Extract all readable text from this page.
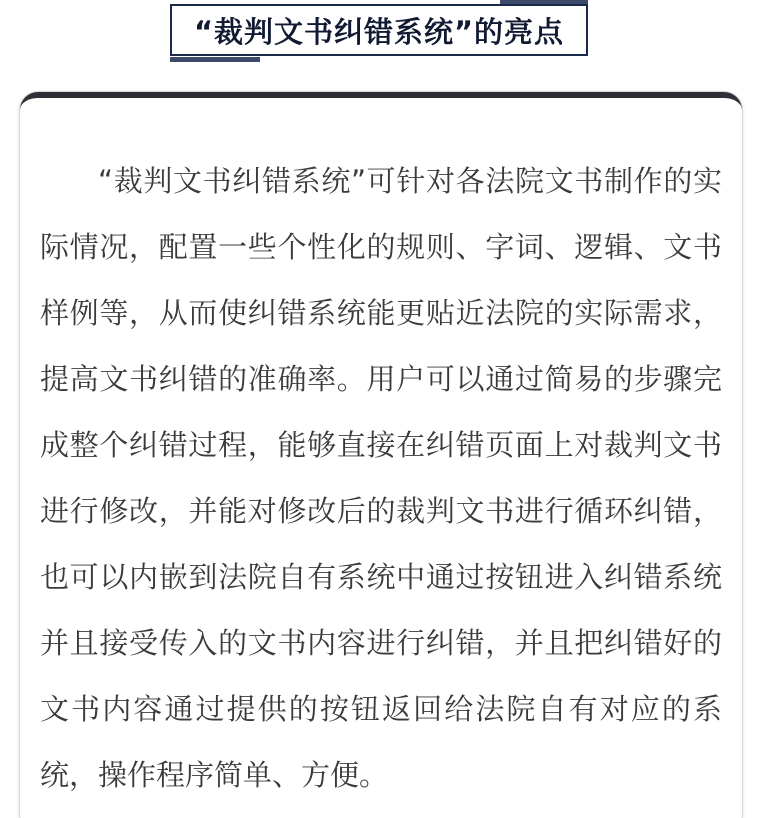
“裁判文书纠错系统”的亮点

“裁判文书纠错系统”可针对各法院文书制作的实际情况，配置一些个性化的规则、字词、逻辑、文书样例等，从而使纠错系统能更贴近法院的实际需求，提高文书纠错的准确率。用户可以通过简易的步骤完成整个纠错过程，能够直接在纠错页面上对裁判文书进行修改，并能对修改后的裁判文书进行循环纠错，也可以内嵌到法院自有系统中通过按钮进入纠错系统并且接受传入的文书内容进行纠错，并且把纠错好的文书内容通过提供的按钮返回给法院自有对应的系统，操作程序简单、方便。
